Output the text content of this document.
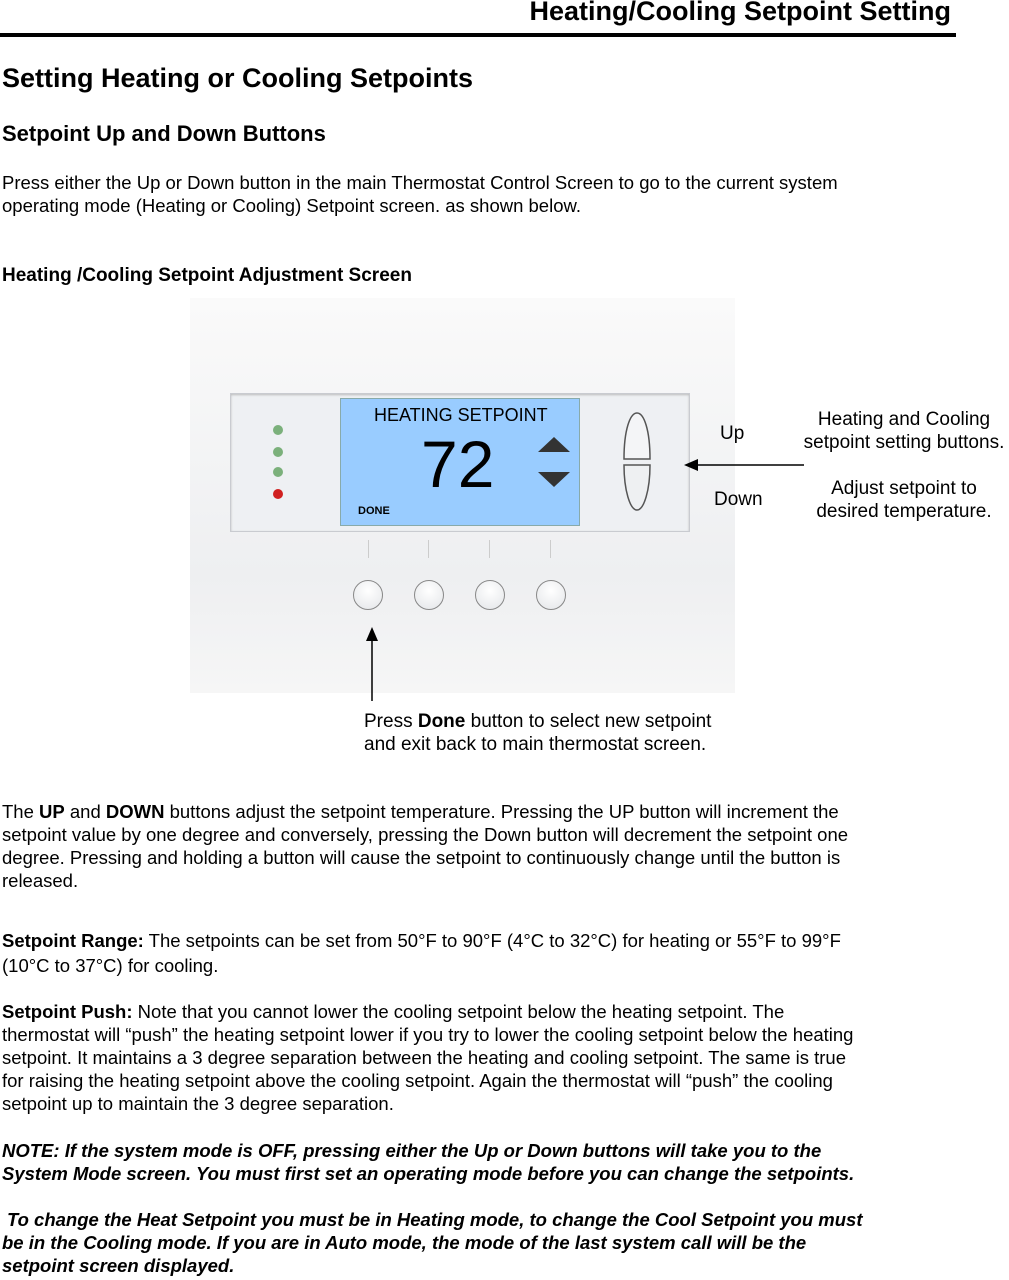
Heating/Cooling Setpoint Setting
Setting Heating or Cooling Setpoints
Setpoint Up and Down Buttons
Press either the Up or Down button in the main Thermostat Control Screen to go to the current system
operating mode (Heating or Cooling) Setpoint screen. as shown below.
Heating /Cooling Setpoint Adjustment Screen
HEATING SETPOINT
72
DONE
Up
Down
Heating and Cooling
setpoint setting buttons.
Adjust setpoint to
desired temperature.
Press Done button to select new setpoint
and exit back to main thermostat screen.
The UP and DOWN buttons adjust the setpoint temperature. Pressing the UP button will increment the
setpoint value by one degree and conversely, pressing the Down button will decrement the setpoint one
degree. Pressing and holding a button will cause the setpoint to continuously change until the button is
released.
Setpoint Range: The setpoints can be set from 50°F to 90°F (4°C to 32°C) for heating or 55°F to 99°F
(10°C to 37°C) for cooling.
Setpoint Push: Note that you cannot lower the cooling setpoint below the heating setpoint. The
thermostat will “push” the heating setpoint lower if you try to lower the cooling setpoint below the heating
setpoint. It maintains a 3 degree separation between the heating and cooling setpoint. The same is true
for raising the heating setpoint above the cooling setpoint. Again the thermostat will “push” the cooling
setpoint up to maintain the 3 degree separation.
NOTE: If the system mode is OFF, pressing either the Up or Down buttons will take you to the
System Mode screen. You must first set an operating mode before you can change the setpoints.
To change the Heat Setpoint you must be in Heating mode, to change the Cool Setpoint you must
be in the Cooling mode. If you are in Auto mode, the mode of the last system call will be the
setpoint screen displayed.
